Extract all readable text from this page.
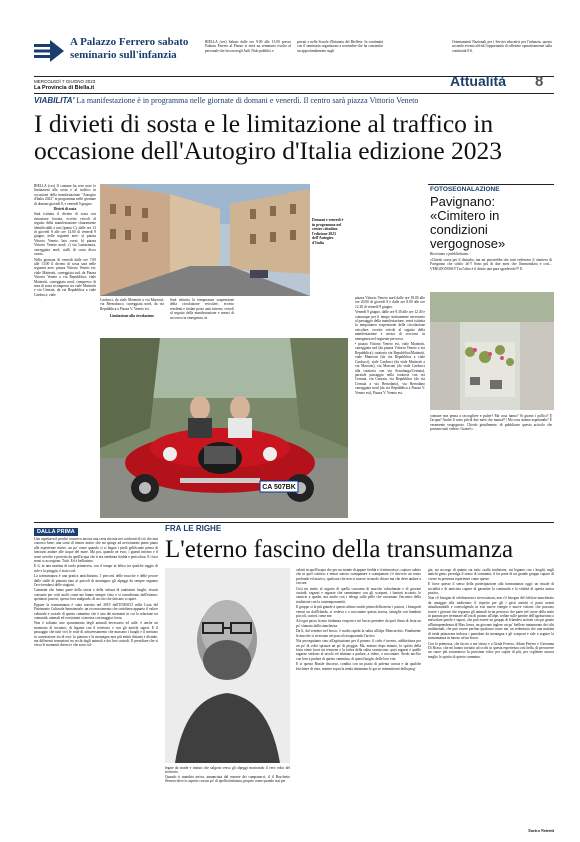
A Palazzo Ferrero sabato seminario sull'infanzia
BIELLA (ces) Sabato dalle ore 9.00 alle 13.00 presso Palazzo Ferrero al Piazzo si terrà un seminario rivolto al personale che lavora negli Asili Nido pubblici e
privati e nelle Scuole d'Infanzia del Biellese. In continuità con il seminario organizzato a novembre che ha consentito un approfondimento sugli
Orientamenti Nazionali per i Servizi educativi per l'infanzia, questo secondo evento offrirà l'opportunità di riflettere operativamente sulla continuità 0-6.
MERCOLEDÌ 7 GIUGNO 2023
La Provincia di Biella.it	Attualità 8
VIABILITA' La manifestazione è in programma nelle giornate di domani e venerdì. Il centro sarà piazza Vittorio Veneto
I divieti di sosta e le limitazione al traffico in occasione dell'Autogiro d'Italia edizione 2023

BIELLA (ces) Il comune ha reso noto le limitazioni alla sosta e al traffico in occasione della manifestazione "Autogiro d'Italia 2023" in programma nelle giornate di domani giovedì 8, e venerdì 9 giugno.

Divieti di sosta

Sarà istituito il divieto di sosta con rimozione forzata, eccetto veicoli al seguito della manifestazione chiaramente identificabili e taxi (punto C), dalle ore 12 di giovedì 8 alle ore 14.00 di venerdì 9 giugno, nelle seguenti aree: a) piazza Vittorio Veneto, lato ovest; b) piazza Vittorio Veneto nord; c) via Lamarmora, carreggiata nord, stalli di sosta disco orario.

Nella giornata di venerdì dalle ore 7.00 alle 13.00 il divieto di sosta sarà nelle seguenti aree: piazza Vittorio Veneto est; viale Matteotti, carreggiata sud, da Piazza Vittorio Veneto a via Repubblica; viale Matteotti, carreggiata nord, compresso di area di sosta ricompresa tra viale Matteotti e via Cernaia, da via Repubblica a viale Carducci; viale

Domani e venerdì è in programma nel centro cittadino l'edizione 2023 dell'Autogiro d'Italia

Carducci, da viale Matteotti a via Marconi; via Bernodasco, carreggiata nord, da via Repubblica a Piazza V. Veneto est.

Limitazione alla circolazione

Sarà istituita la temporanea sospensione della circolazione veicolare, eccetto residenti e titolari posto auto interno, veicoli al seguito della manifestazione e mezzi di soccorso in emergenza, in

piazza Vittorio Veneto nord dalle ore 18.00 alle ore 20.00 di giovedì 8 e dalle ore 8.00 alle ore 12.30 di venerdì 9 giugno.

Venerdì 9 giugno, dalle ore 9.30 alle ore 12.30 e comunque per il tempo strettamente necessario al passaggio della manifestazione, verrà istituita la temporanea sospensione della circolazione veicolare, eccetto veicoli al seguito della manifestazione e mezzi di soccorso in emergenza nel seguente percorso:

• piazza Vittorio Veneto est, viale Matteotti, carreggiata sud (da piazza Vittorio Veneto a via Repubblica), rotatoria via Repubblica/Matteotti, viale Matteotti (da via Repubblica a viale Carducci), viale Carducci (da viale Matteotti a via Marconi), via Marconi (da viale Carducci alla rotatoria con via Serralunga/Cernaia), parziale passaggio nella rotatoria con via Cernaia, via Cernaia, via Repubblica (da via Cernaia a via Bertodano), via Bertodano carreggiata nord (da via Repubblica a Piazza V. Veneto est), Piazza V. Veneto est.

CA 507BK
FOTOSEGNALAZIONE
Pavignano: «Cimitero in condizioni vergognose»
Riceviamo e pubblichiamo.
«Chiedo scusa per il disturbo, ma mi piacerebbe che tutti vedessero il cimitero di Pavignano che schifo fa!!! Sono più di due mesi che l'immondizia e così... VERGOGNOSO! Tra l'altro è il diritto una pura sgradevole!!! Il
comune non pensa a raccogliere e pulire? Ma cosa fanno? Si girano i pollici? E l'acqua? Anche li sono più di due mesi che manca!!! Ma cosa stiamo aspettando? È veramente vergognoso. Chiedo gentilmente, di pubblicare questo articolo che possano tutti vedere. Grazie!»
DALLA PRIMA

Uno aspettava il perché conservo ancora una certa ritrosia nei confronti di ciò che non conosco bene, una sorta di timore antico che mi spinge ad avvicinarmi piano piano alle esperienze nuove, un po' come quando ci si bagna i piedi gelificante prima di lanciarsi andare alle acque del mare. Ma poi, quando ne esco, i guanti intorno e il sensi avvolto e protetto da quell'acqua che ti era sembrata fredda e pericolosa. E i tuoi sensi si accorgono. Tutti. Ed è bellissimo.

E il, in una mattina di tarda primavera, con il tempo in bilico tra qualche raggio di sole e la pioggia, è stato così.

La transumanza è una pratica antichissima. I percorsi delle mucche e delle pecore dalle stalle di pianura sino ai pascoli di montagna: gli alpeggi da sempre segnano l'avvicendarsi delle stagioni.

Cammini che fanno parte della storia e della cultura di tantissimi luoghi, vissuti consuete per certi molti come me hanno sempre visto e si considerano dall'esterno: spettatori passivi, spesso loro malgrado, di un rito che faticano a capire.

Eppure la transumanza è stata inserita nel 2019 dall'UNESCO nella Lista del Patrimonio Culturale Immateriale: un riconoscimento che sottolinea appunto il valore culturale e sociale di questo cammino che è uno dei momenti in cui la relazione tra comunità, animali ed ecosistemi si mostra con maggior forza.

Non è soltanto uno spostamento degli animali necessario ed utile: è anche un momento di incontro, di legame con il territorio e con gli antichi saperi. E il passaggio che tutti vivi le rotte di attraversamento che marcano i luoghi e il mettono in connessione tra di essi: la pianura e la montagna non più entità distanti e distinte, ma differenti sensazioni tra occhi dagli animali e dai loro custodi. Il presidiare che si verso le momenti diversi e che sono col-

FRA LE RIGHE
L'eterno fascino della transumanza

legate da strade e tratturi che salgono verso gli alpeggi mostrando il vero volto del territorio.

Quando ti mandria arriva, annunciata dal rumore dei campanacci, il il Boschetto Sessera dove io aspetto con un po' di quella titubanza, proprio come quando stai per

calarti in quell'acqua che per un istante di appare fredda e ti intimorisce, capisco subito che in quel confuso e ermai sonoro scampanare e scampanare c'è davvero un senso profondo ed atavico, qualcosa che non si muove in modo chiaro ma che deve andare a cercare.

Così mi metto al seguito di quella carovana di mucche colnolunate e di giovani custodi: ragazzi e ragazze che camminano con gli scarponi, i bastoni accanto, le camicie a quadri, ma anche con i telesgi sulla pelle che racontano l'incontro della tradizione con la contemporaneità.

Il gruppo si fa più grande a questo ultimo snodo prima della meta: i pastori, i biongrafi venuti un dall'Irlanda, si vedeva e a raccontare questa ascesa, famiglie con bambini piccoli, curiosi come me.

Ad ogni passo la mia titubanza evapora e mi lascio prendere da quel clima di festa un po' sfumato dalla stanchezza.

Da lì, dal sentiero nel bosco, è molto rapida la salita all'alpe Moncerchio. Finalmente le mucche si riversano nei pascoli assaporando l'arrivo.

Noi proseguiamo sino all'agriturismo per il pranzo: il cielo è incerto, additirittura per un po' di volte spruzza un po' di pioggia. Ma, minuto dopo minuto, lo spirito della festa viene fuori tra tensione e la fatica della salita svaniscono: quei ragazzi e quelle ragazze siedono al tavolo ed iniziano a parlare, a ridere, a raccontare. Siedo anch'io con loro a parlare di questo cammino, di questi luoghi, delle loro vite.

E si questo Burale discorso, condita con un piatto di polenta concia e da qualche bicchiere di vino, mentre sopra la tenda tintinnano le gocce intermittenti della piog-

gia, mi accorgo di quanto sia tutto «sulla tradizione, sui legame con i luoghi, sugli antichi geni» prevalga il senso di comunità, il far parte di un grande gruppo capace di vivere in presenza esperienze come queste.

E forse questo il senso della partecipazione alla transumanza oggi: un rituale di socialità e di amicizia capace di garantire la continuità e la vitalità di questa antica pratica.

Non c'è bisogno di celebrazioni e rievocazioni, non c'è bisogno del folclore mascherato da omaggio alla tradizione: il rispetto per gli i gesti antichi si porta avanti attualizzandoli e coinvolgendo in essi nuove energie e nuove visioni: che possono essere i giovani che seguono gli animali in un percorso che parte nel cuore della notte in pianura per terminare all'ora di pranzo all'alpe, sedute sulle panche dell'agriturismo a mescolare parole e sapori, che può essere un gruppo di Irlandesi arrivati sin qui grazie all'intraprendenza di Max Jones, un giovane inglese un po' biellese innamorato dei cibi tradizionali, che può essere perfino qualcuno come me, un sedentario che una mattina di tarda primavera indossa i pantaloni da montagna e gli scarponi e sale a seguire la transumanza in mezzo ad un bosco.

Con la premessa, che faccio a me stesso e a Giada Ferrero, Adam Ferrero e Giovanna Di Rosso, che mi hanno invitato ad occhi in questa esperienza così bella, di percorrere un cuore più sostanzioso la prossima volta: per capire di più, per coglierne ancora meglio lo spirito di questo cammino.

Enrico Neiretti
